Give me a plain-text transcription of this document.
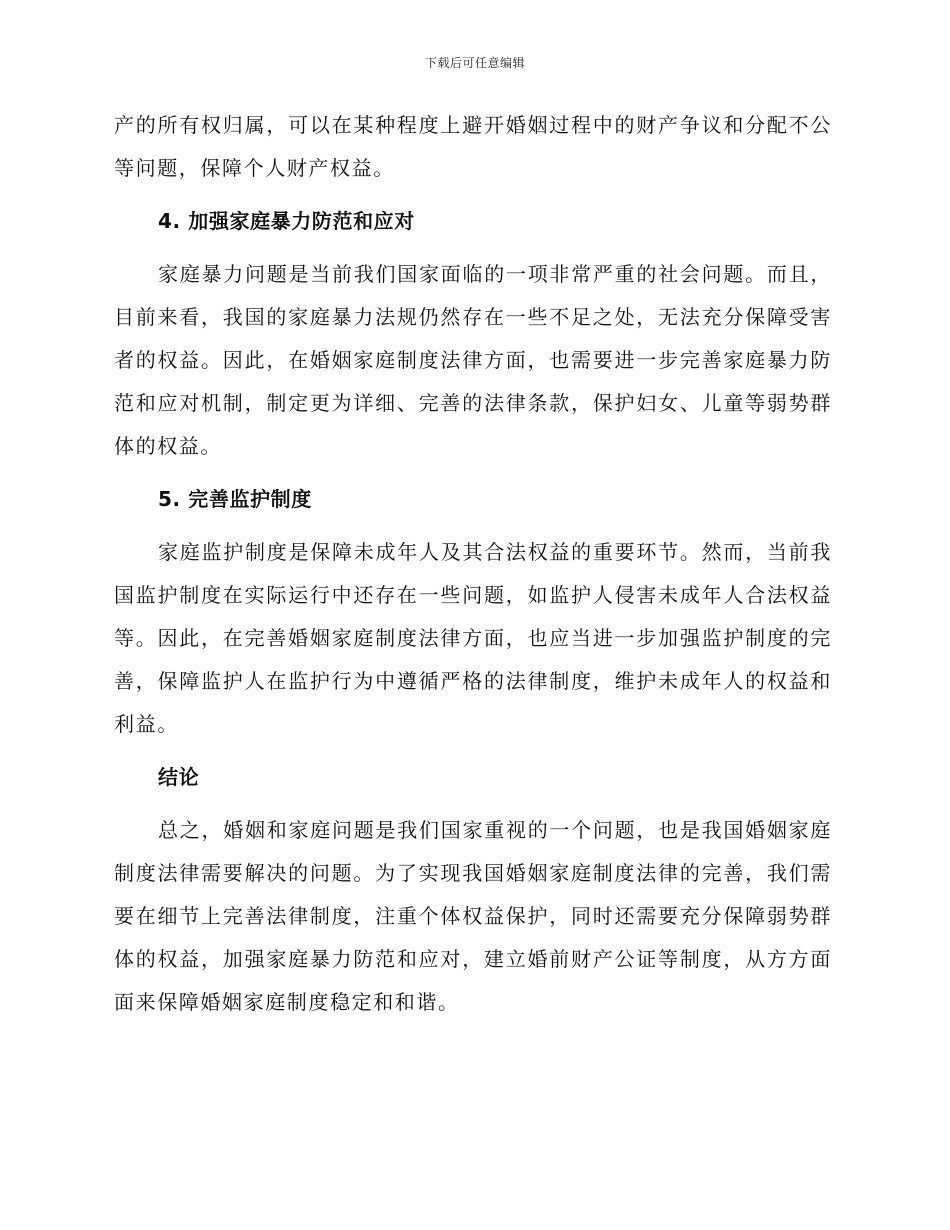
下载后可任意编辑

产的所有权归属，可以在某种程度上避开婚姻过程中的财产争议和分配不公等问题，保障个人财产权益。

4. 加强家庭暴力防范和应对

家庭暴力问题是当前我们国家面临的一项非常严重的社会问题。而且，目前来看，我国的家庭暴力法规仍然存在一些不足之处，无法充分保障受害者的权益。因此，在婚姻家庭制度法律方面，也需要进一步完善家庭暴力防范和应对机制，制定更为详细、完善的法律条款，保护妇女、儿童等弱势群体的权益。

5. 完善监护制度

家庭监护制度是保障未成年人及其合法权益的重要环节。然而，当前我国监护制度在实际运行中还存在一些问题，如监护人侵害未成年人合法权益等。因此，在完善婚姻家庭制度法律方面，也应当进一步加强监护制度的完善，保障监护人在监护行为中遵循严格的法律制度，维护未成年人的权益和利益。

结论

总之，婚姻和家庭问题是我们国家重视的一个问题，也是我国婚姻家庭制度法律需要解决的问题。为了实现我国婚姻家庭制度法律的完善，我们需要在细节上完善法律制度，注重个体权益保护，同时还需要充分保障弱势群体的权益，加强家庭暴力防范和应对，建立婚前财产公证等制度，从方方面面来保障婚姻家庭制度稳定和和谐。
